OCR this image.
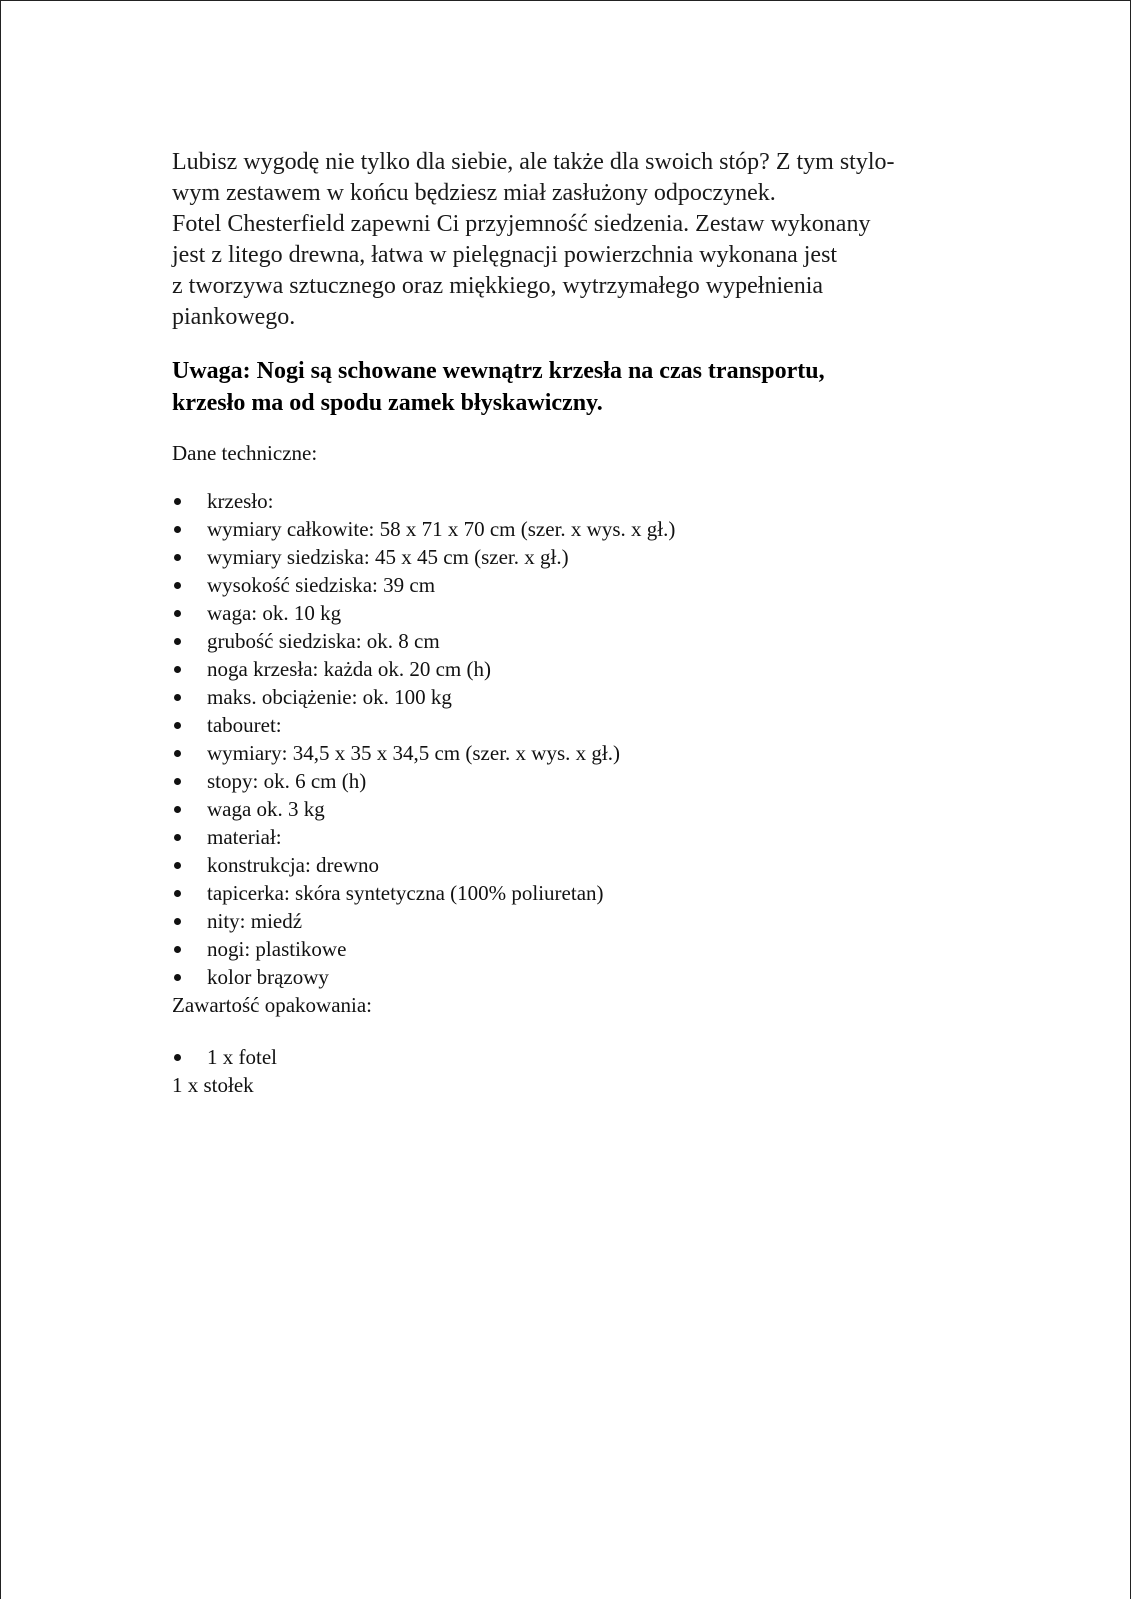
Lubisz wygodę nie tylko dla siebie, ale także dla swoich stóp? Z tym stylo-
wym zestawem w końcu będziesz miał zasłużony odpoczynek.
Fotel Chesterfield zapewni Ci przyjemność siedzenia. Zestaw wykonany
jest z litego drewna, łatwa w pielęgnacji powierzchnia wykonana jest
z tworzywa sztucznego oraz miękkiego, wytrzymałego wypełnienia
piankowego.
Uwaga: Nogi są schowane wewnątrz krzesła na czas transportu,
krzesło ma od spodu zamek błyskawiczny.
Dane techniczne:
krzesło:
wymiary całkowite: 58 x 71 x 70 cm (szer. x wys. x gł.)
wymiary siedziska: 45 x 45 cm (szer. x gł.)
wysokość siedziska: 39 cm
waga: ok. 10 kg
grubość siedziska: ok. 8 cm
noga krzesła: każda ok. 20 cm (h)
maks. obciążenie: ok. 100 kg
tabouret:
wymiary: 34,5 x 35 x 34,5 cm (szer. x wys. x gł.)
stopy: ok. 6 cm (h)
waga ok. 3 kg
materiał:
konstrukcja: drewno
tapicerka: skóra syntetyczna (100% poliuretan)
nity: miedź
nogi: plastikowe
kolor brązowy
Zawartość opakowania:
1 x fotel
1 x stołek
